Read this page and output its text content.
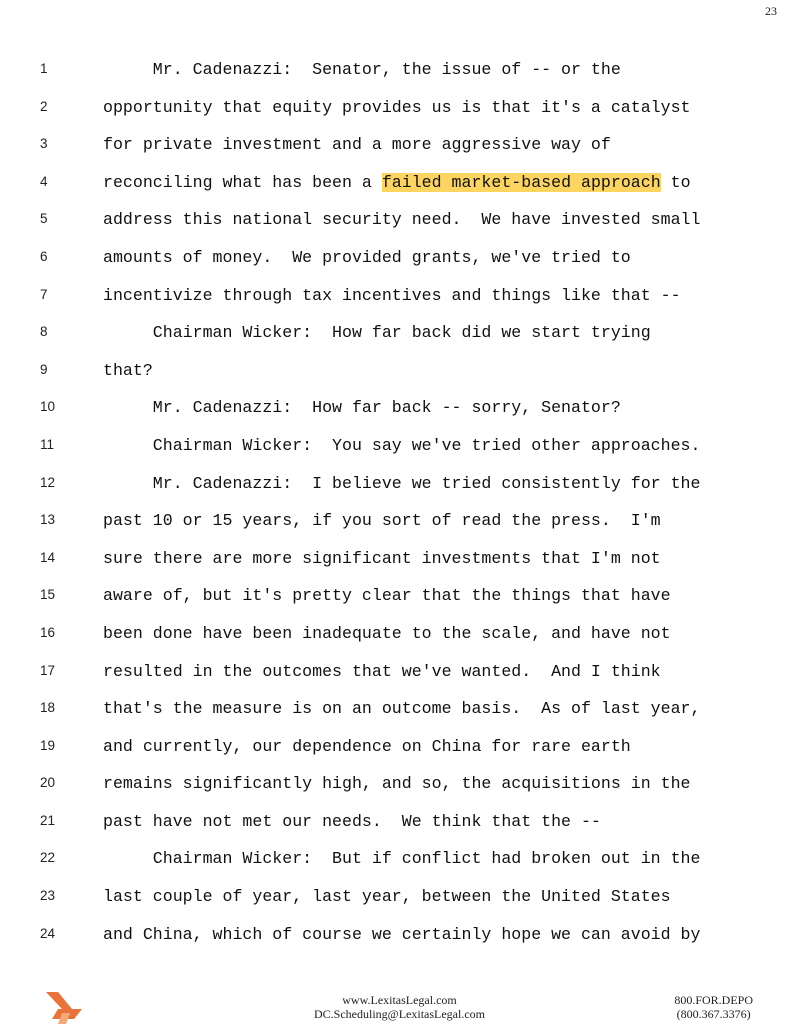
23
1	Mr. Cadenazzi:  Senator, the issue of -- or the
2	opportunity that equity provides us is that it's a catalyst
3	for private investment and a more aggressive way of
4	reconciling what has been a failed market-based approach to
5	address this national security need.  We have invested small
6	amounts of money.  We provided grants, we've tried to
7	incentivize through tax incentives and things like that --
8	Chairman Wicker:  How far back did we start trying
9	that?
10	Mr. Cadenazzi:  How far back -- sorry, Senator?
11	Chairman Wicker:  You say we've tried other approaches.
12	Mr. Cadenazzi:  I believe we tried consistently for the
13	past 10 or 15 years, if you sort of read the press.  I'm
14	sure there are more significant investments that I'm not
15	aware of, but it's pretty clear that the things that have
16	been done have been inadequate to the scale, and have not
17	resulted in the outcomes that we've wanted.  And I think
18	that's the measure is on an outcome basis.  As of last year,
19	and currently, our dependence on China for rare earth
20	remains significantly high, and so, the acquisitions in the
21	past have not met our needs.  We think that the --
22	Chairman Wicker:  But if conflict had broken out in the
23	last couple of year, last year, between the United States
24	and China, which of course we certainly hope we can avoid by
www.LexitasLegal.com
DC.Scheduling@LexitasLegal.com
800.FOR.DEPO
(800.367.3376)
